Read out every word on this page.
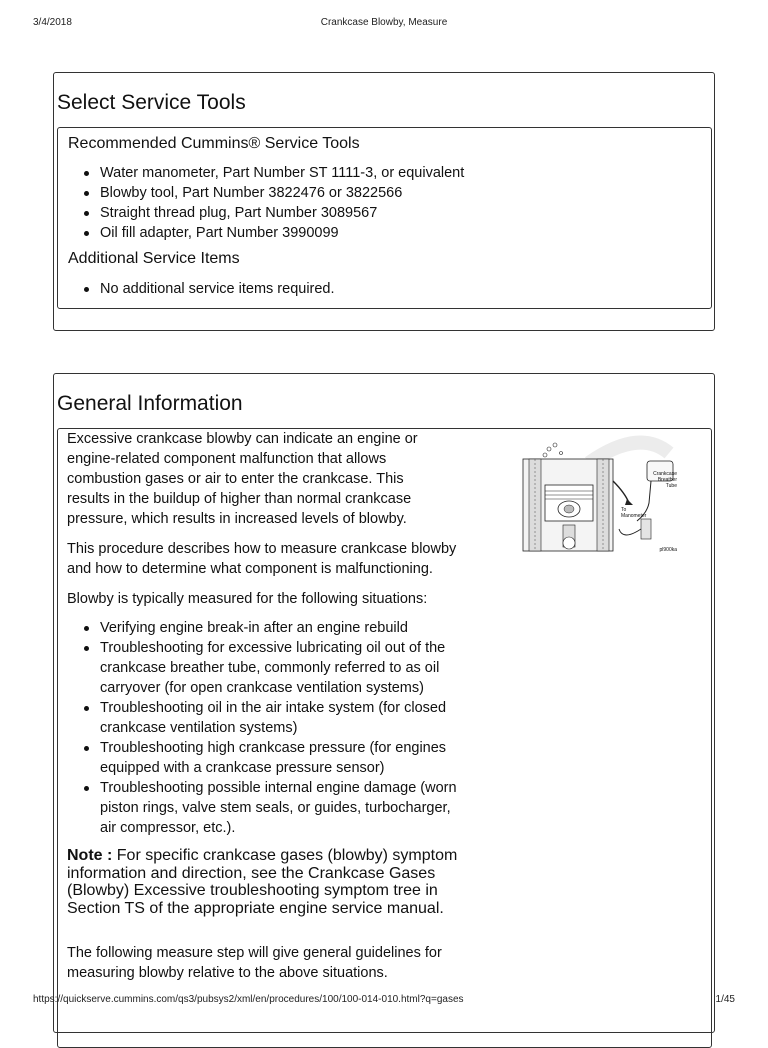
3/4/2018	Crankcase Blowby, Measure
Select Service Tools
Recommended Cummins® Service Tools
Water manometer, Part Number ST 1111-3, or equivalent
Blowby tool, Part Number 3822476 or 3822566
Straight thread plug, Part Number 3089567
Oil fill adapter, Part Number 3990099
Additional Service Items
No additional service items required.
General Information
Excessive crankcase blowby can indicate an engine or
engine-related component malfunction that allows
combustion gases or air to enter the crankcase. This
results in the buildup of higher than normal crankcase
pressure, which results in increased levels of blowby.
This procedure describes how to measure crankcase blowby
and how to determine what component is malfunctioning.
Blowby is typically measured for the following situations:
Verifying engine break-in after an engine rebuild
Troubleshooting for excessive lubricating oil out of the
crankcase breather tube, commonly referred to as oil
carryover (for open crankcase ventilation systems)
Troubleshooting oil in the air intake system (for closed
crankcase ventilation systems)
Troubleshooting high crankcase pressure (for engines
equipped with a crankcase pressure sensor)
Troubleshooting possible internal engine damage (worn
piston rings, valve stem seals, or guides, turbocharger,
air compressor, etc.).
Note : For specific crankcase gases (blowby) symptom information and direction, see the Crankcase Gases (Blowby) Excessive troubleshooting symptom tree in Section TS of the appropriate engine service manual.
The following measure step will give general guidelines for
measuring blowby relative to the above situations.
Crankcase
Breather
Tube
To
Manometer
pl900ka
https://quickserve.cummins.com/qs3/pubsys2/xml/en/procedures/100/100-014-010.html?q=gases	1/45
